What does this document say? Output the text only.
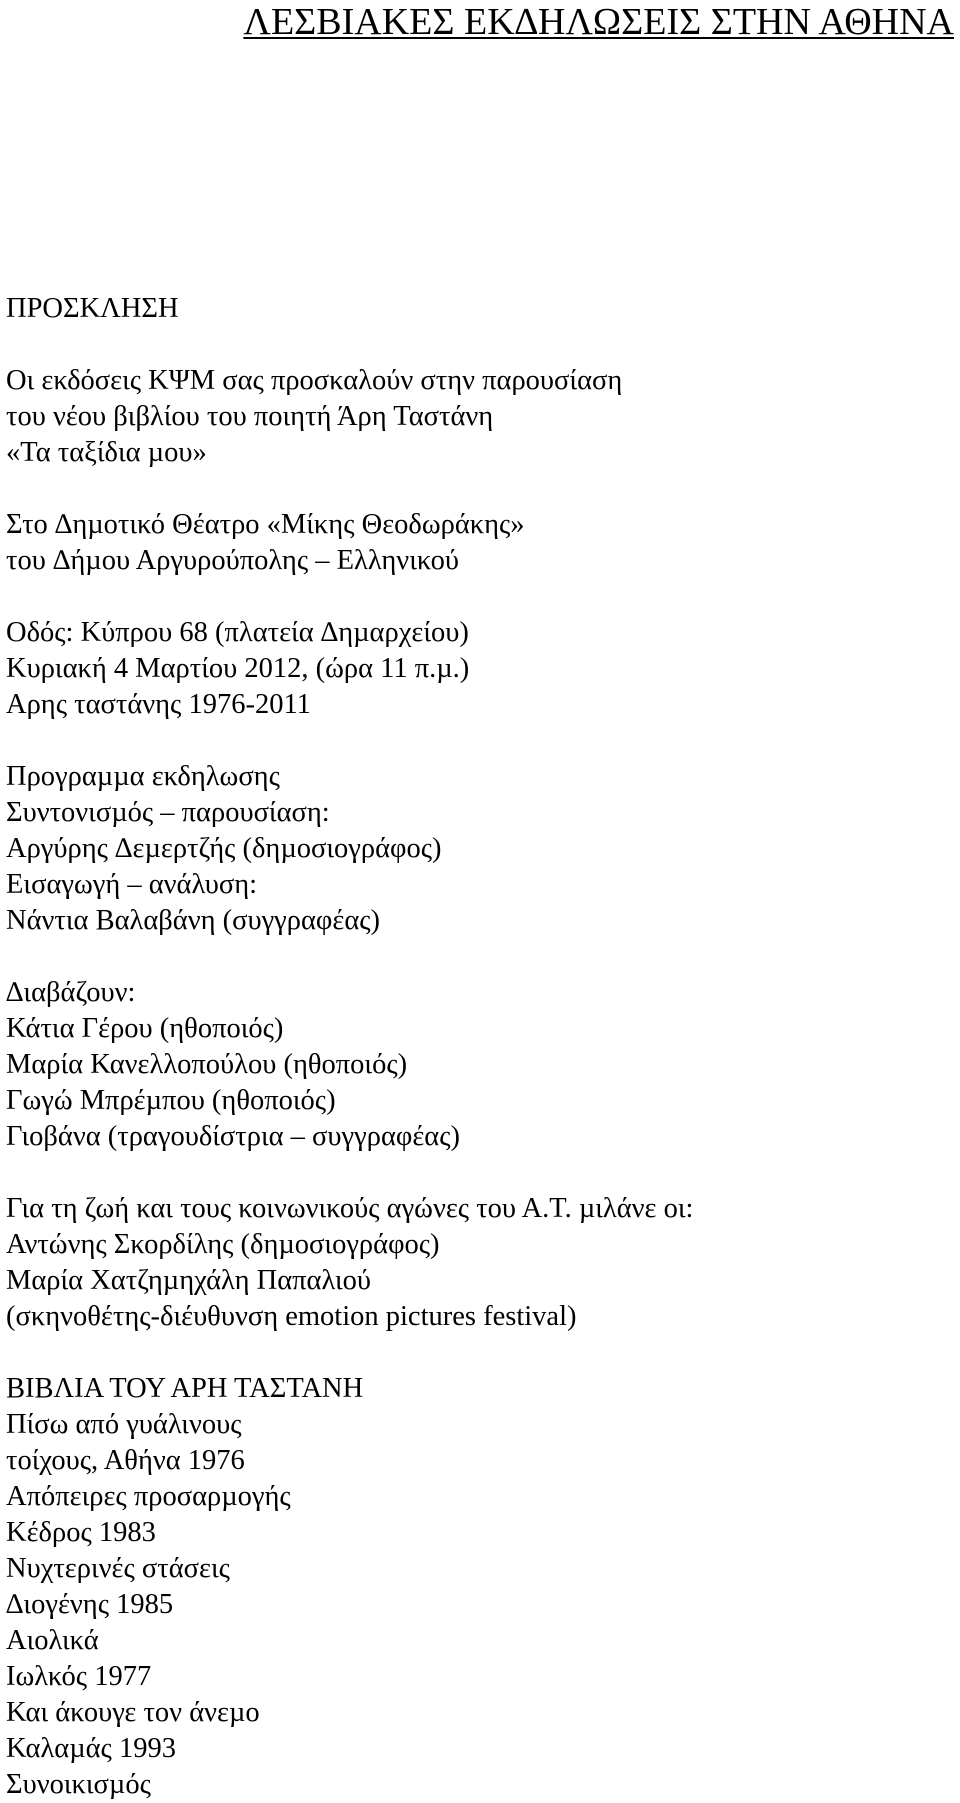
ΛΕΣΒΙΑΚΕΣ ΕΚ∆ΗΛΩΣΕΙΣ ΣΤΗΝ ΑΘΗΝΑ
ΠΡΟΣΚΛΗΣΗ
Οι εκδόσεις ΚΨΜ σας προσκαλούν στην παρουσίαση
του νέου βιβλίου του ποιητή Άρη Ταστάνη
«Τα ταξίδια µου»
Στο ∆ηµοτικό Θέατρο «Μίκης Θεοδωράκης»
του ∆ήµου Αργυρούπολης – Ελληνικού
Οδός: Κύπρου 68 (πλατεία ∆ηµαρχείου)
Κυριακή 4 Μαρτίου 2012, (ώρα 11 π.µ.)
Αρης ταστάνης 1976-2011
Προγραµµα εκδηλωσης
Συντονισµός – παρουσίαση:
Αργύρης ∆εµερτζής (δηµοσιογράφος)
Εισαγωγή – ανάλυση:
Νάντια Βαλαβάνη (συγγραφέας)
∆ιαβάζουν:
Κάτια Γέρου (ηθοποιός)
Μαρία Κανελλοπούλου (ηθοποιός)
Γωγώ Μπρέµπου (ηθοποιός)
Γιοβάνα (τραγουδίστρια – συγγραφέας)
Για τη ζωή και τους κοινωνικούς αγώνες του Α.Τ. µιλάνε οι:
Αντώνης Σκορδίλης (δηµοσιογράφος)
Μαρία Χατζηµηχάλη Παπαλιού
(σκηνοθέτης-διέυθυνση emotion pictures festival)
ΒΙΒΛΙΑ ΤΟΥ ΑΡΗ ΤΑΣΤΑΝΗ
Πίσω από γυάλινους
τοίχους, Αθήνα 1976
Απόπειρες προσαρµογής
Κέδρος 1983
Νυχτερινές στάσεις
∆ιογένης 1985
Αιολικά
Ιωλκός 1977
Και άκουγε τον άνεµο
Καλαµάς 1993
Συνοικισµός
